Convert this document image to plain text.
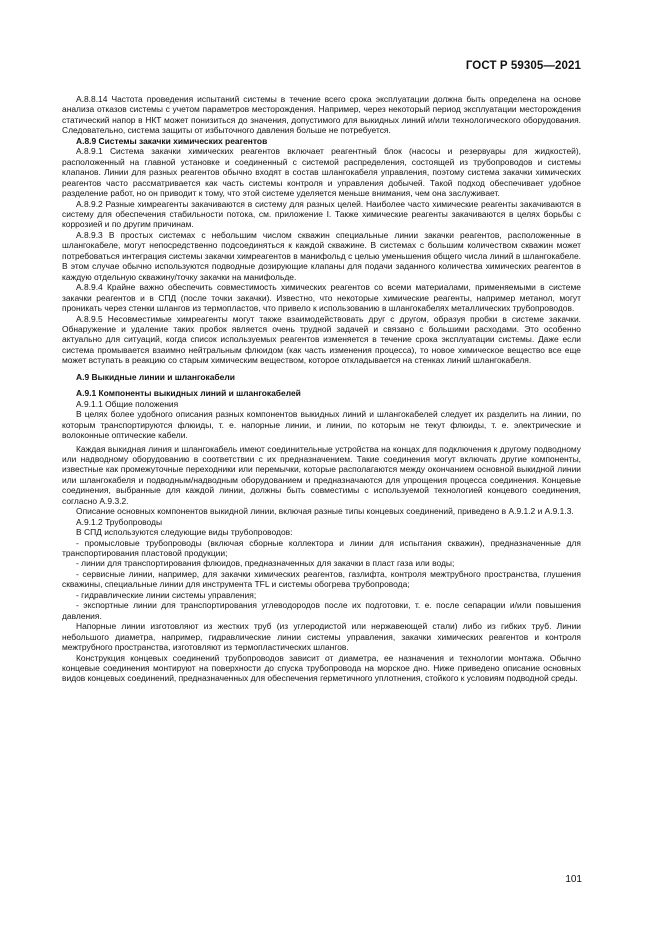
ГОСТ Р 59305—2021

А.8.8.14 Частота проведения испытаний системы в течение всего срока эксплуатации должна быть определена на основе анализа отказов системы с учетом параметров месторождения. Например, через некоторый период эксплуатации месторождения статический напор в НКТ может понизиться до значения, допустимого для выкидных линий и/или технологического оборудования. Следовательно, система защиты от избыточного давления больше не потребуется.

А.8.9 Системы закачки химических реагентов

А.8.9.1 Система закачки химических реагентов включает реагентный блок (насосы и резервуары для жидкостей), расположенный на главной установке и соединенный с системой распределения, состоящей из трубопроводов и системы клапанов. Линии для разных реагентов обычно входят в состав шлангокабеля управления, поэтому система закачки химических реагентов часто рассматривается как часть системы контроля и управления добычей. Такой подход обеспечивает удобное разделение работ, но он приводит к тому, что этой системе уделяется меньше внимания, чем она заслуживает.

А.8.9.2 Разные химреагенты закачиваются в систему для разных целей. Наиболее часто химические реагенты закачиваются в систему для обеспечения стабильности потока, см. приложение I. Также химические реагенты закачиваются в целях борьбы с коррозией и по другим причинам.

А.8.9.3 В простых системах с небольшим числом скважин специальные линии закачки реагентов, расположенные в шлангокабеле, могут непосредственно подсоединяться к каждой скважине. В системах с большим количеством скважин может потребоваться интеграция системы закачки химреагентов в манифольд с целью уменьшения общего числа линий в шлангокабеле. В этом случае обычно используются подводные дозирующие клапаны для подачи заданного количества химических реагентов в каждую отдельную скважину/точку закачки на манифольде.

А.8.9.4 Крайне важно обеспечить совместимость химических реагентов со всеми материалами, применяемыми в системе закачки реагентов и в СПД (после точки закачки). Известно, что некоторые химические реагенты, например метанол, могут проникать через стенки шлангов из термопластов, что привело к использованию в шлангокабелях металлических трубопроводов.

А.8.9.5 Несовместимые химреагенты могут также взаимодействовать друг с другом, образуя пробки в системе закачки. Обнаружение и удаление таких пробок является очень трудной задачей и связано с большими расходами. Это особенно актуально для ситуаций, когда список используемых реагентов изменяется в течение срока эксплуатации системы. Даже если система промывается взаимно нейтральным флюидом (как часть изменения процесса), то новое химическое вещество все еще может вступать в реакцию со старым химическим веществом, которое откладывается на стенках линий шлангокабеля.

А.9 Выкидные линии и шлангокабели
А.9.1 Компоненты выкидных линий и шлангокабелей

А.9.1.1 Общие положения

В целях более удобного описания разных компонентов выкидных линий и шлангокабелей следует их разделить на линии, по которым транспортируются флюиды, т. е. напорные линии, и линии, по которым не текут флюиды, т. е. электрические и волоконные оптические кабели.

Каждая выкидная линия и шлангокабель имеют соединительные устройства на концах для подключения к другому подводному или надводному оборудованию в соответствии с их предназначением. Такие соединения могут включать другие компоненты, известные как промежуточные переходники или перемычки, которые располагаются между окончанием основной выкидной линии или шлангокабеля и подводным/надводным оборудованием и предназначаются для упрощения процесса соединения. Концевые соединения, выбранные для каждой линии, должны быть совместимы с используемой технологией концевого соединения, согласно А.9.3.2.

Описание основных компонентов выкидной линии, включая разные типы концевых соединений, приведено в А.9.1.2 и А.9.1.3.

А.9.1.2 Трубопроводы

В СПД используются следующие виды трубопроводов:

- промысловые трубопроводы (включая сборные коллектора и линии для испытания скважин), предназначенные для транспортирования пластовой продукции;

- линии для транспортирования флюидов, предназначенных для закачки в пласт газа или воды;

- сервисные линии, например, для закачки химических реагентов, газлифта, контроля межтрубного пространства, глушения скважины, специальные линии для инструмента TFL и системы обогрева трубопровода;

- гидравлические линии системы управления;

- экспортные линии для транспортирования углеводородов после их подготовки, т. е. после сепарации и/или повышения давления.

Напорные линии изготовляют из жестких труб (из углеродистой или нержавеющей стали) либо из гибких труб. Линии небольшого диаметра, например, гидравлические линии системы управления, закачки химических реагентов и контроля межтрубного пространства, изготовляют из термопластических шлангов.

Конструкция концевых соединений трубопроводов зависит от диаметра, ее назначения и технологии монтажа. Обычно концевые соединения монтируют на поверхности до спуска трубопровода на морское дно. Ниже приведено описание основных видов концевых соединений, предназначенных для обеспечения герметичного уплотнения, стойкого к условиям подводной среды.

101
